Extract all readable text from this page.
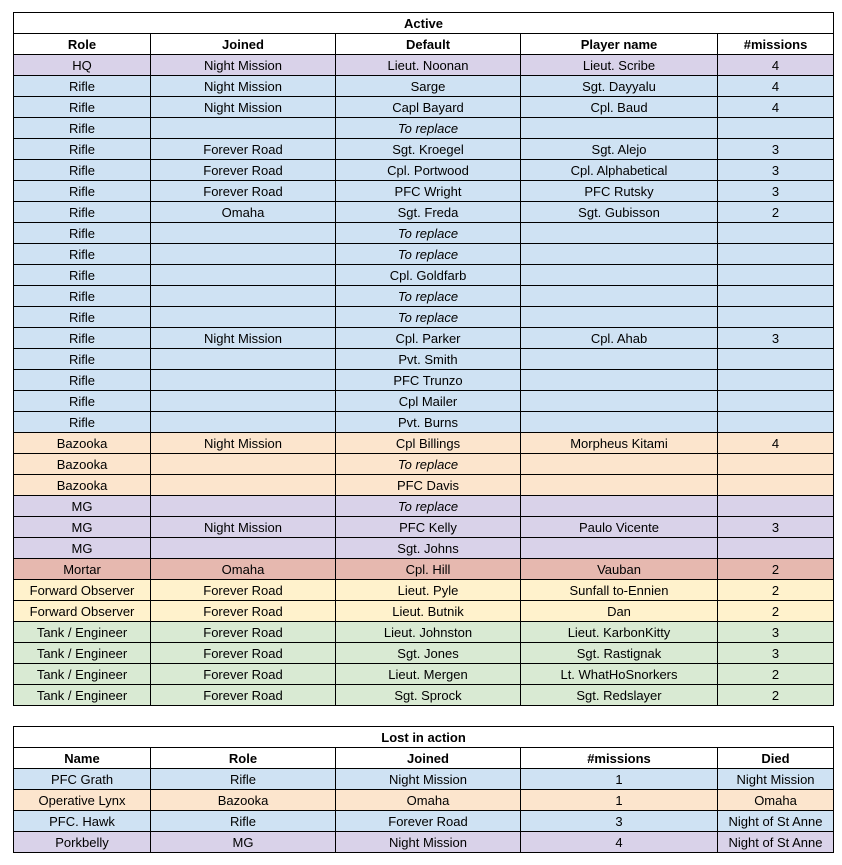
Active				
Role	Joined	Default	Player name	#missions
HQ	Night Mission	Lieut. Noonan	Lieut. Scribe	4
Rifle	Night Mission	Sarge	Sgt. Dayyalu	4
Rifle	Night Mission	Capl Bayard	Cpl. Baud	4
Rifle		To replace		
Rifle	Forever Road	Sgt. Kroegel	Sgt. Alejo	3
Rifle	Forever Road	Cpl. Portwood	Cpl. Alphabetical	3
Rifle	Forever Road	PFC Wright	PFC Rutsky	3
Rifle	Omaha	Sgt. Freda	Sgt. Gubisson	2
Rifle		To replace		
Rifle		To replace		
Rifle		Cpl. Goldfarb		
Rifle		To replace		
Rifle		To replace		
Rifle	Night Mission	Cpl. Parker	Cpl. Ahab	3
Rifle		Pvt. Smith		
Rifle		PFC Trunzo		
Rifle		Cpl Mailer		
Rifle		Pvt. Burns		
Bazooka	Night Mission	Cpl Billings	Morpheus Kitami	4
Bazooka		To replace		
Bazooka		PFC Davis		
MG		To replace		
MG	Night Mission	PFC Kelly	Paulo Vicente	3
MG		Sgt. Johns		
Mortar	Omaha	Cpl. Hill	Vauban	2
Forward Observer	Forever Road	Lieut. Pyle	Sunfall to-Ennien	2
Forward Observer	Forever Road	Lieut. Butnik	Dan	2
Tank / Engineer	Forever Road	Lieut. Johnston	Lieut. KarbonKitty	3
Tank / Engineer	Forever Road	Sgt. Jones	Sgt. Rastignak	3
Tank / Engineer	Forever Road	Lieut. Mergen	Lt. WhatHoSnorkers	2
Tank / Engineer	Forever Road	Sgt. Sprock	Sgt. Redslayer	2
Lost in action				
Name	Role	Joined	#missions	Died
PFC Grath	Rifle	Night Mission	1	Night Mission
Operative Lynx	Bazooka	Omaha	1	Omaha
PFC. Hawk	Rifle	Forever Road	3	Night of St Anne
Porkbelly	MG	Night Mission	4	Night of St Anne
